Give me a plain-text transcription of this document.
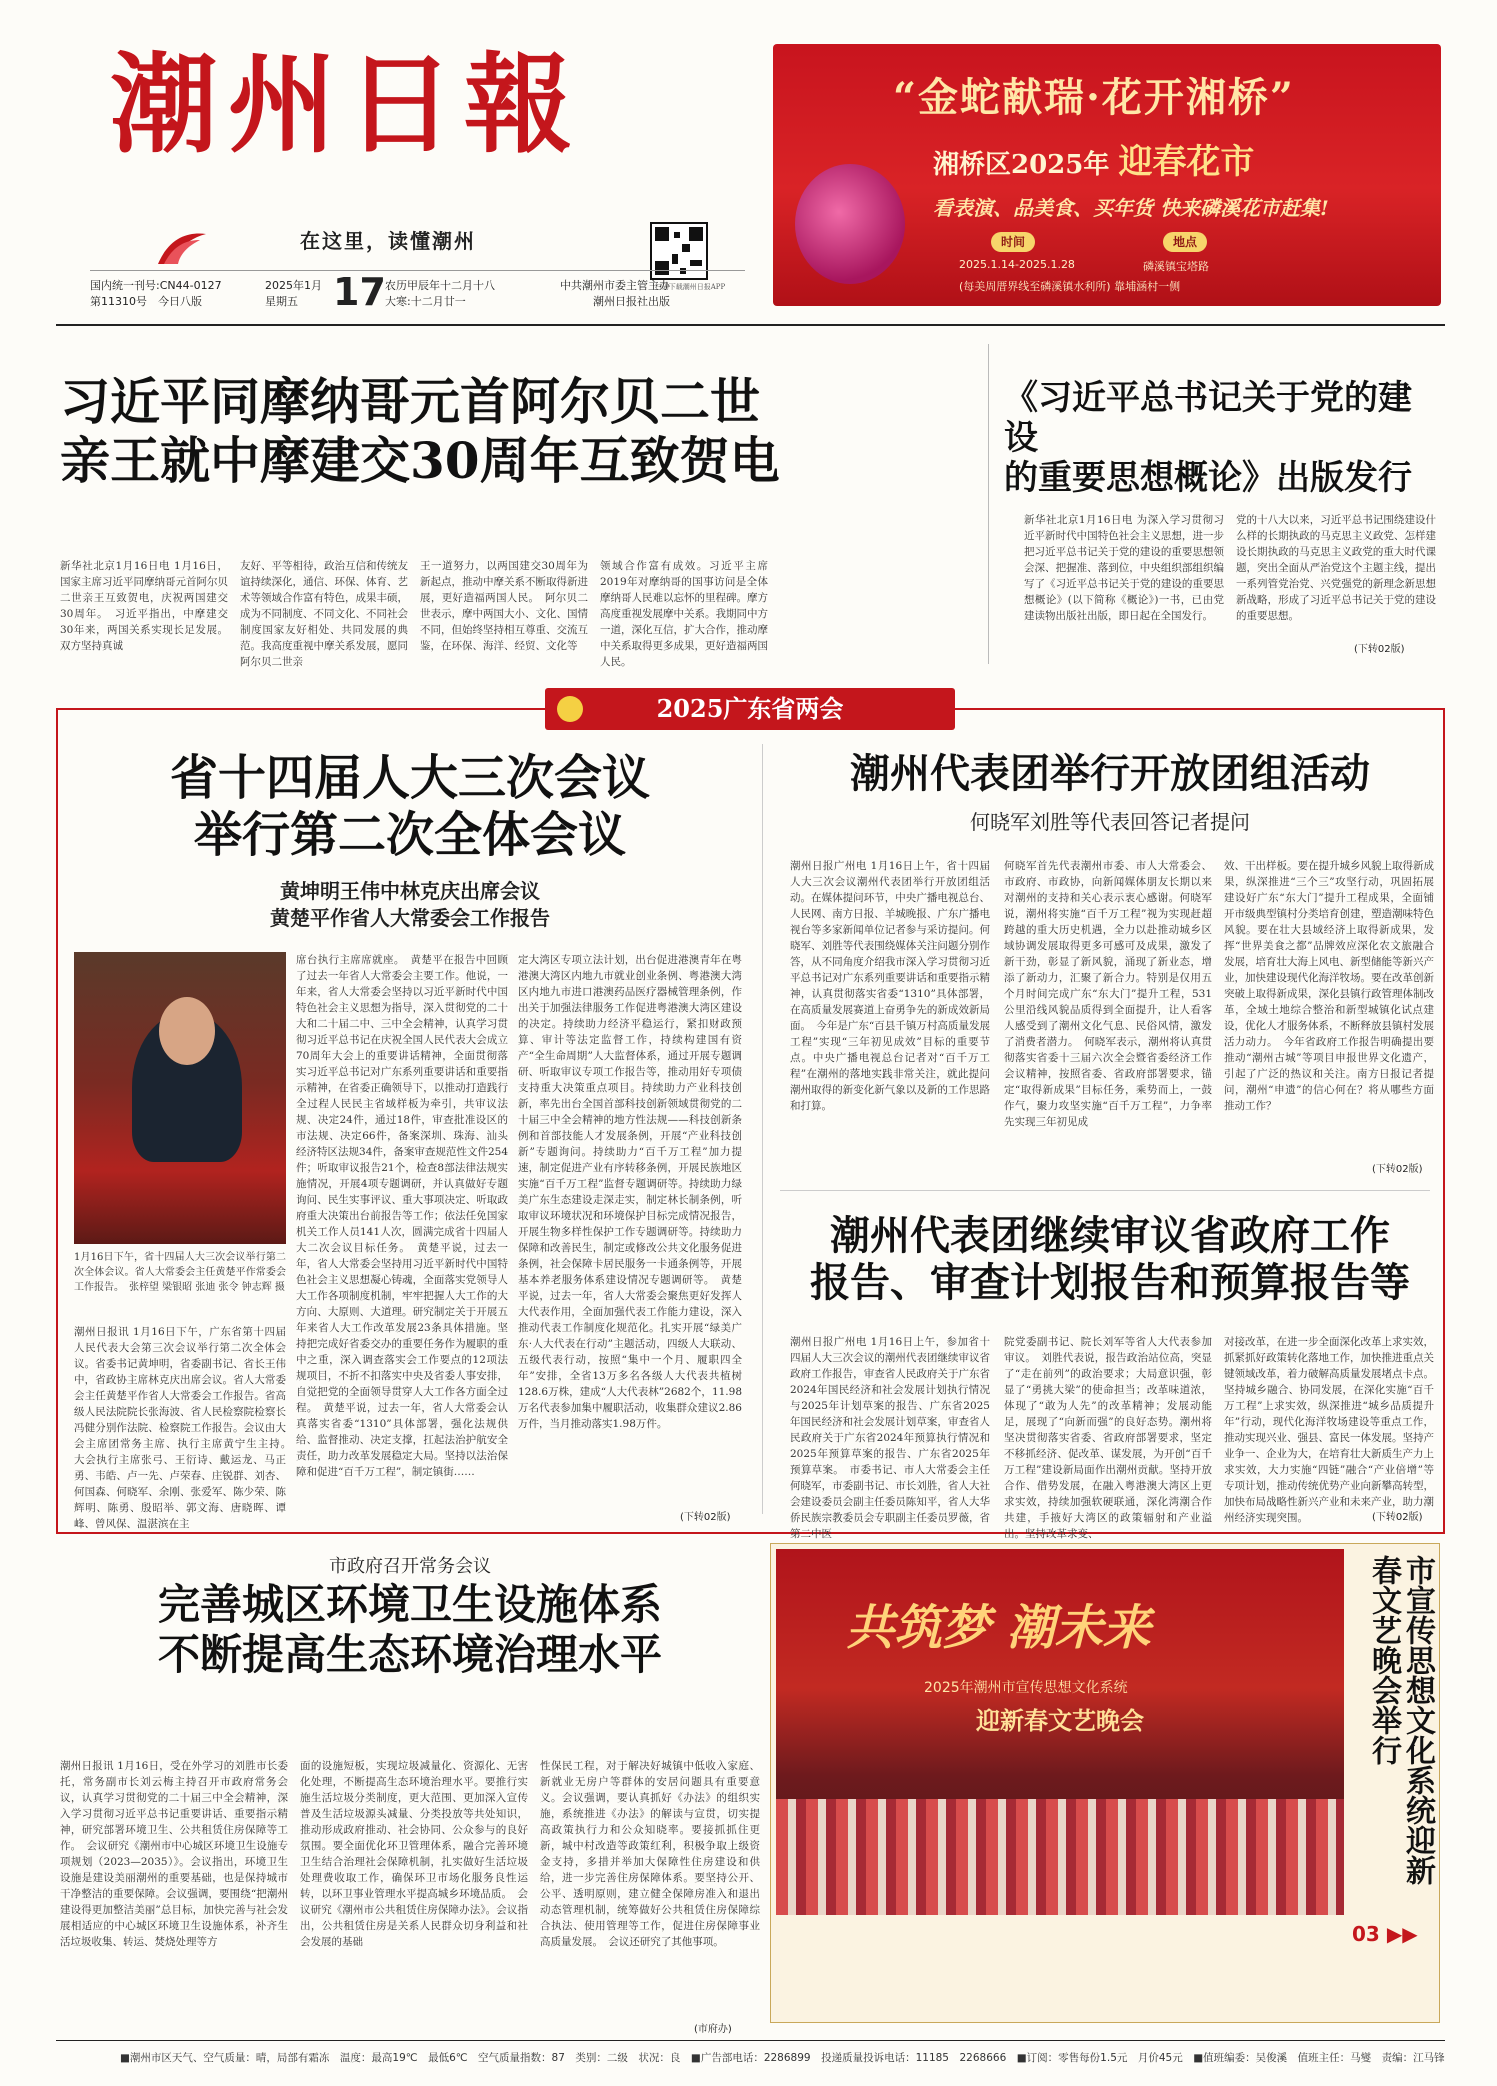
潮州日報
在这里，读懂潮州
扫码下载潮州日报APP
国内统一刊号:CN44-0127
第11310号　今日八版
2025年1月
星期五 17 农历甲辰年十二月十八
大寒:十二月廿一
中共潮州市委主管主办
潮州日报社出版
“金蛇献瑞·花开湘桥”
湘桥区2025年 迎春花市
看表演、品美食、买年货 快来磷溪花市赶集!
时间	地点
2025.1.14-2025.1.28	磷溪镇宝塔路
(每美周厝界线至磷溪镇水利所) 靠埔涵村一侧
习近平同摩纳哥元首阿尔贝二世
亲王就中摩建交30周年互致贺电
新华社北京1月16日电 1月16日，国家主席习近平同摩纳哥元首阿尔贝二世亲王互致贺电，庆祝两国建交30周年。　习近平指出，中摩建交30年来，两国关系实现长足发展。双方坚持真诚
友好、平等相待，政治互信和传统友谊持续深化，通信、环保、体育、艺术等领域合作富有特色，成果丰硕，成为不同制度、不同文化、不同社会制度国家友好相处、共同发展的典范。我高度重视中摩关系发展，愿同阿尔贝二世亲
王一道努力，以两国建交30周年为新起点，推动中摩关系不断取得新进展，更好造福两国人民。　阿尔贝二世表示，摩中两国大小、文化、国情不同，但始终坚持相互尊重、交流互鉴，在环保、海洋、经贸、文化等
领域合作富有成效。习近平主席2019年对摩纳哥的国事访问是全体摩纳哥人民难以忘怀的里程碑。摩方高度重视发展摩中关系。我期同中方一道，深化互信，扩大合作，推动摩中关系取得更多成果，更好造福两国人民。
《习近平总书记关于党的建设
的重要思想概论》出版发行
新华社北京1月16日电 为深入学习贯彻习近平新时代中国特色社会主义思想，进一步把习近平总书记关于党的建设的重要思想领会深、把握准、落到位，中央组织部组织编写了《习近平总书记关于党的建设的重要思想概论》(以下简称《概论》)一书，已由党建读物出版社出版，即日起在全国发行。
党的十八大以来，习近平总书记围绕建设什么样的长期执政的马克思主义政党、怎样建设长期执政的马克思主义政党的重大时代课题，突出全面从严治党这个主题主线，提出一系列管党治党、兴党强党的新理念新思想新战略，形成了习近平总书记关于党的建设的重要思想。
(下转02版)
2025广东省两会
省十四届人大三次会议
举行第二次全体会议
黄坤明王伟中林克庆出席会议
黄楚平作省人大常委会工作报告
1月16日下午，省十四届人大三次会议举行第二次全体会议。省人大常委会主任黄楚平作常委会工作报告。　张梓望 梁银昭 张迪 张令 钟志辉 摄
潮州日报讯 1月16日下午，广东省第十四届人民代表大会第三次会议举行第二次全体会议。省委书记黄坤明，省委副书记、省长王伟中，省政协主席林克庆出席会议。省人大常委会主任黄楚平作省人大常委会工作报告。省高级人民法院院长张海波、省人民检察院检察长冯健分别作法院、检察院工作报告。会议由大会主席团常务主席、执行主席黄宁生主持。　大会执行主席张弓、王衍诗、戴运龙、马正勇、韦皓、卢一先、卢荣春、庄锐群、刘杏、何国森、何晓军、余刚、张爱军、陈少荣、陈辉明、陈勇、殷昭举、郭文海、唐晓晖、谭峰、曾风保、温湛滨在主
席台执行主席席就座。　黄楚平在报告中回顾了过去一年省人大常委会主要工作。他说，一年来，省人大常委会坚持以习近平新时代中国特色社会主义思想为指导，深入贯彻党的二十大和二十届二中、三中全会精神，认真学习贯彻习近平总书记在庆祝全国人民代表大会成立70周年大会上的重要讲话精神，全面贯彻落实习近平总书记对广东系列重要讲话和重要指示精神，在省委正确领导下，以推动打造践行全过程人民民主省域样板为牵引，共审议法规、决定24件，通过18件，审查批准设区的市法规、决定66件，备案深圳、珠海、汕头经济特区法规34件，备案审查规范性文件254件；听取审议报告21个，检查8部法律法规实施情况，开展4项专题调研，并认真做好专题询问、民生实事评议、重大事项决定、听取政府重大决策出台前报告等工作；依法任免国家机关工作人员141人次，圆满完成省十四届人大二次会议目标任务。　黄楚平说，过去一年，省人大常委会坚持用习近平新时代中国特色社会主义思想凝心铸魂，全面落实党领导人大工作各项制度机制，牢牢把握人大工作的大方向、大原则、大道理。研究制定关于开展五年来省人大工作改革发展23条具体措施。坚持把完成好省委交办的重要任务作为履职的重中之重，深入调查落实会工作要点的12项法规项目，不折不扣落实中央及省委人事安排，自觉把党的全面领导贯穿人大工作各方面全过程。　黄楚平说，过去一年，省人大常委会认真落实省委“1310”具体部署，强化法规供给、监督推动、决定支撑，扛起法治护航安全责任，助力改革发展稳定大局。坚持以法治保障和促进“百千万工程”，制定镇街……
定大湾区专项立法计划，出台促进港澳青年在粤港澳大湾区内地九市就业创业条例、粤港澳大湾区内地九市进口港澳药品医疗器械管理条例，作出关于加强法律服务工作促进粤港澳大湾区建设的决定。持续助力经济平稳运行，紧扣财政预算、审计等法定监督工作，持续构建国有资产“全生命周期”人大监督体系，通过开展专题调研、听取审议专项工作报告等，推动用好专项债支持重大决策重点项目。持续助力产业科技创新，率先出台全国首部科技创新领域贯彻党的二十届三中全会精神的地方性法规——科技创新条例和首部技能人才发展条例，开展“产业科技创新”专题询问。持续助力“百千万工程”加力提速，制定促进产业有序转移条例，开展民族地区实施“百千万工程”监督专题调研等。持续助力绿美广东生态建设走深走实，制定林长制条例，听取审议环境状况和环境保护目标完成情况报告，开展生物多样性保护工作专题调研等。持续助力保障和改善民生，制定或修改公共文化服务促进条例，社会保障卡居民服务一卡通条例等，开展基本养老服务体系建设情况专题调研等。　黄楚平说，过去一年，省人大常委会聚焦更好发挥人大代表作用，全面加强代表工作能力建设，深入推动代表工作制度化规范化。扎实开展“绿美广东·人大代表在行动”主题活动，四级人大联动、五级代表行动，按照“集中一个月、履职四全年”安排，全省13万多名各级人大代表共植树128.6万株，建成“人大代表林”2682个，11.98万名代表参加集中履职活动，收集群众建议2.86万件，当月推动落实1.98万件。
(下转02版)
潮州代表团举行开放团组活动
何晓军刘胜等代表回答记者提问
潮州日报广州电 1月16日上午，省十四届人大三次会议潮州代表团举行开放团组活动。在媒体提问环节，中央广播电视总台、人民网、南方日报、羊城晚报、广东广播电视台等多家新闻单位记者参与采访提问。何晓军、刘胜等代表围绕媒体关注问题分别作答，从不同角度介绍我市深入学习贯彻习近平总书记对广东系列重要讲话和重要指示精神，认真贯彻落实省委“1310”具体部署，在高质量发展赛道上奋勇争先的新成效新局面。　今年是广东“百县千镇万村高质量发展工程”实现“三年初见成效”目标的重要节点。中央广播电视总台记者对“百千万工程”在潮州的落地实践非常关注，就此提问潮州取得的新变化新气象以及新的工作思路和打算。
何晓军首先代表潮州市委、市人大常委会、市政府、市政协，向新闻媒体朋友长期以来对潮州的支持和关心表示衷心感谢。何晓军说，潮州将实施“百千万工程”视为实现赶超跨越的重大历史机遇，全力以赴推动城乡区域协调发展取得更多可感可及成果，激发了新干劲，彰显了新风貌，涌现了新业态，增添了新动力，汇聚了新合力。特别是仅用五个月时间完成广东“东大门”提升工程，531公里沿线风貌品质得到全面提升，让人看客人感受到了潮州文化气息、民俗风情，激发了消费者潜力。　何晓军表示，潮州将认真贯彻落实省委十三届六次全会暨省委经济工作会议精神，按照省委、省政府部署要求，锚定“取得新成果”目标任务，乘势而上，一鼓作气，聚力攻坚实施“百千万工程”，力争率先实现三年初见成
效、干出样板。要在提升城乡风貌上取得新成果，纵深推进“三个三”攻坚行动，巩固拓展建设好广东“东大门”提升工程成果，全面铺开市级典型镇村分类培育创建，塑造潮味特色风貌。要在壮大县域经济上取得新成果，发挥“世界美食之都”品牌效应深化农文旅融合发展，培育壮大海上风电、新型储能等新兴产业，加快建设现代化海洋牧场。要在改革创新突破上取得新成果，深化县镇行政管理体制改革，全域土地综合整治和新型城镇化试点建设，优化人才服务体系，不断释放县镇村发展活力动力。　今年省政府工作报告明确提出要推动“潮州古城”等项目申报世界文化遗产，引起了广泛的热议和关注。南方日报记者提问，潮州“申遗”的信心何在？将从哪些方面推动工作？
(下转02版)
潮州代表团继续审议省政府工作
报告、审查计划报告和预算报告等
潮州日报广州电 1月16日上午，参加省十四届人大三次会议的潮州代表团继续审议省政府工作报告，审查省人民政府关于广东省2024年国民经济和社会发展计划执行情况与2025年计划草案的报告、广东省2025年国民经济和社会发展计划草案，审查省人民政府关于广东省2024年预算执行情况和2025年预算草案的报告、广东省2025年预算草案。　市委书记、市人大常委会主任何晓军，市委副书记、市长刘胜，省人大社会建设委员会副主任委员陈知平，省人大华侨民族宗教委员会专职副主任委员罗薇，省第二中医
院党委副书记、院长刘军等省人大代表参加审议。　刘胜代表说，报告政治站位高，突显了“走在前列”的政治要求；大局意识强，彰显了“勇挑大梁”的使命担当；改革味道浓，体现了“敢为人先”的改革精神；发展动能足，展现了“向新而强”的良好态势。潮州将坚决贯彻落实省委、省政府部署要求，坚定不移抓经济、促改革、谋发展，为开创“百千万工程”建设新局面作出潮州贡献。坚持开放合作、借势发展，在融入粤港澳大湾区上更求实效，持续加强软硬联通，深化湾潮合作共建，手掖好大湾区的政策辐射和产业溢出。坚持改革求变、
对接改革，在进一步全面深化改革上求实效，抓紧抓好政策转化落地工作，加快推进重点关键领域改革，着力破解高质量发展堵点卡点。坚持城乡融合、协同发展，在深化实施“百千万工程”上求实效，纵深推进“城乡品质提升年”行动，现代化海洋牧场建设等重点工作，推动实现兴业、强县、富民一体发展。坚持产业争一、企业为大，在培育壮大新质生产力上求实效，大力实施“四链”融合“产业倍增”等专项计划，推动传统优势产业向新攀高转型，加快布局战略性新兴产业和未来产业，助力潮州经济实现突围。	(下转02版)
市政府召开常务会议
完善城区环境卫生设施体系
不断提高生态环境治理水平
潮州日报讯 1月16日，受在外学习的刘胜市长委托，常务副市长刘云梅主持召开市政府常务会议，认真学习贯彻党的二十届三中全会精神，深入学习贯彻习近平总书记重要讲话、重要指示精神，研究部署环境卫生、公共租赁住房保障等工作。　会议研究《潮州市中心城区环境卫生设施专项规划（2023—2035）》。会议指出，环境卫生设施是建设美丽潮州的重要基础，也是保持城市干净整洁的重要保障。会议强调，要围绕“把潮州建设得更加整洁美丽”总目标，加快完善与社会发展相适应的中心城区环境卫生设施体系，补齐生活垃圾收集、转运、焚烧处理等方
面的设施短板，实现垃圾减量化、资源化、无害化处理，不断提高生态环境治理水平。要推行实施生活垃圾分类制度，更大范围、更加深入宣传普及生活垃圾源头减量、分类投放等共处知识，推动形成政府推动、社会协同、公众参与的良好氛围。要全面优化环卫管理体系，融合完善环境卫生结合治理社会保障机制，扎实做好生活垃圾处理费收取工作，确保环卫市场化服务良性运转，以环卫事业管理水平提高城乡环境品质。　会议研究《潮州市公共租赁住房保障办法》。会议指出，公共租赁住房是关系人民群众切身利益和社会发展的基础
性保民工程，对于解决好城镇中低收入家庭、新就业无房户等群体的安居问题具有重要意义。会议强调，要认真抓好《办法》的组织实施，系统推进《办法》的解读与宣贯，切实提高政策执行力和公众知晓率。要接抓抓住更新，城中村改造等政策红利，积极争取上级资金支持，多措并举加大保障性住房建设和供给，进一步完善住房保障体系。要坚持公开、公平、透明原则，建立健全保障房准入和退出动态管理机制，统筹做好公共租赁住房保障综合执法、使用管理等工作，促进住房保障事业高质量发展。　会议还研究了其他事项。
(市府办)
共筑梦 潮未来
2025年潮州市宣传思想文化系统
迎新春文艺晚会	市宣传思想文化系统迎新春文艺晚会举行
03 ▶▶
■潮州市区天气、空气质量：晴，局部有霜冻　温度：最高19℃　最低6℃　空气质量指数：87　类别：二级　状况：良　■广告部电话：2286899　投递质量投诉电话：11185　2268666　■订阅：零售每份1.5元　月价45元　■值班编委：吴俊溪　值班主任：马燮　责编：江马锋
